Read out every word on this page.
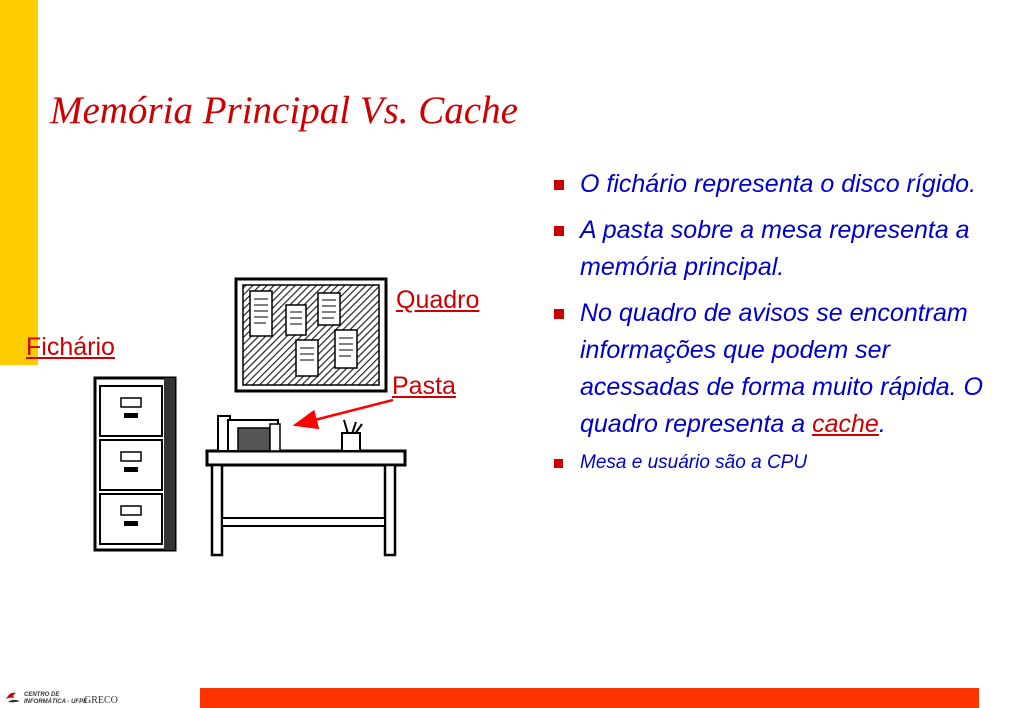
Memória Principal Vs. Cache
Quadro
Fichário
Pasta
O fichário representa o disco rígido.
A pasta sobre a mesa representa a memória principal.
No quadro de avisos se encontram informações que podem ser acessadas de forma muito rápida. O quadro representa a cache.
Mesa e usuário são a CPU
CENTRO DE
INFORMÁTICA - UFPE
GRECO
